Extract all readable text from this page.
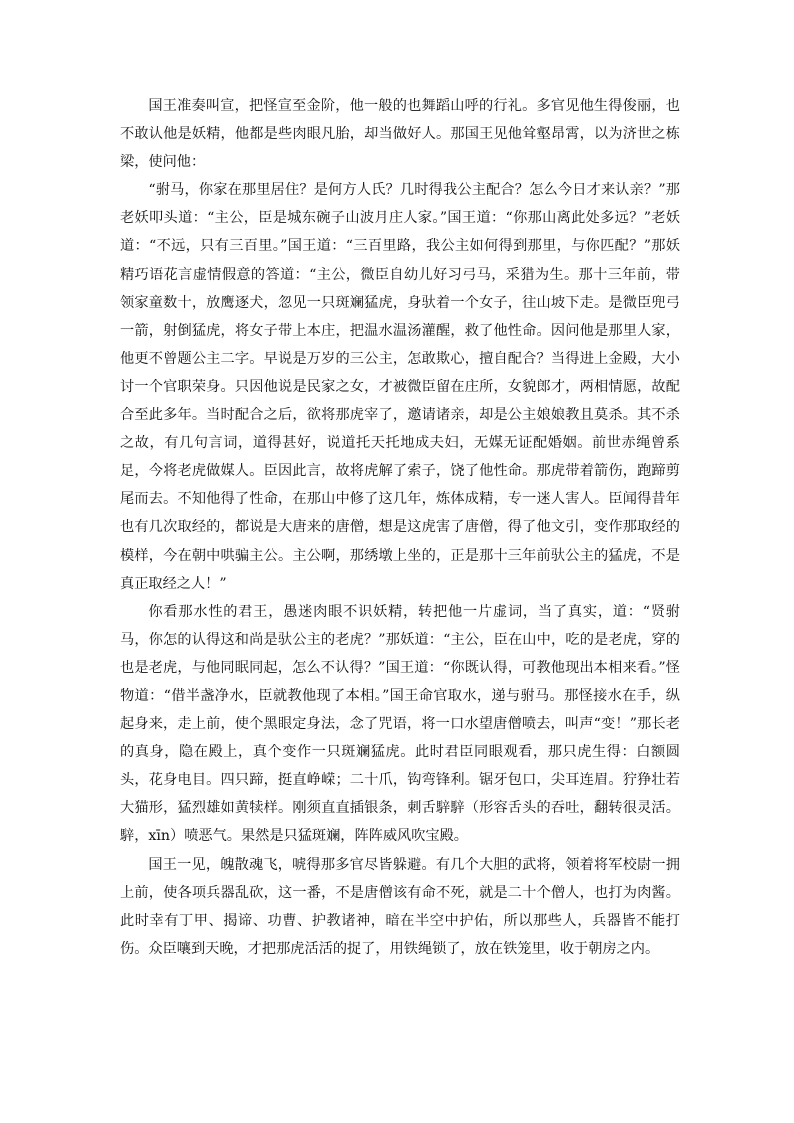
国王准奏叫宣，把怪宣至金阶，他一般的也舞蹈山呼的行礼。多官见他生得俊丽，也不敢认他是妖精，他都是些肉眼凡胎，却当做好人。那国王见他耸壑昂霄，以为济世之栋梁，使问他：

“驸马，你家在那里居住？是何方人氏？几时得我公主配合？怎么今日才来认亲？”那老妖叩头道：“主公，臣是城东碗子山波月庄人家。”国王道：“你那山离此处多远？”老妖道：“不远，只有三百里。”国王道：“三百里路，我公主如何得到那里，与你匹配？”那妖精巧语花言虚情假意的答道：“主公，微臣自幼儿好习弓马，采猎为生。那十三年前，带领家童数十，放鹰逐犬，忽见一只斑斓猛虎，身驮着一个女子，往山坡下走。是微臣兜弓一箭，射倒猛虎，将女子带上本庄，把温水温汤灌醒，救了他性命。因问他是那里人家，他更不曾题公主二字。早说是万岁的三公主，怎敢欺心，擅自配合？当得进上金殿，大小讨一个官职荣身。只因他说是民家之女，才被微臣留在庄所，女貌郎才，两相情愿，故配合至此多年。当时配合之后，欲将那虎宰了，邀请诸亲，却是公主娘娘教且莫杀。其不杀之故，有几句言词，道得甚好，说道托天托地成夫妇，无媒无证配婚姻。前世赤绳曾系足，今将老虎做媒人。臣因此言，故将虎解了索子，饶了他性命。那虎带着箭伤，跑蹄剪尾而去。不知他得了性命，在那山中修了这几年，炼体成精，专一迷人害人。臣闻得昔年也有几次取经的，都说是大唐来的唐僧，想是这虎害了唐僧，得了他文引，变作那取经的模样，今在朝中哄骗主公。主公啊，那绣墩上坐的，正是那十三年前驮公主的猛虎，不是真正取经之人！”

你看那水性的君王，愚迷肉眼不识妖精，转把他一片虚词，当了真实，道：“贤驸马，你怎的认得这和尚是驮公主的老虎？”那妖道：“主公，臣在山中，吃的是老虎，穿的也是老虎，与他同眠同起，怎么不认得？”国王道：“你既认得，可教他现出本相来看。”怪物道：“借半盏净水，臣就教他现了本相。”国王命官取水，递与驸马。那怪接水在手，纵起身来，走上前，使个黑眼定身法，念了咒语，将一口水望唐僧喷去，叫声“变！”那长老的真身，隐在殿上，真个变作一只斑斓猛虎。此时君臣同眼观看，那只虎生得：白额圆头，花身电目。四只蹄，挺直峥嵘；二十爪，钩弯锋利。锯牙包口，尖耳连眉。狞狰壮若大猫形，猛烈雄如黄犊样。刚须直直插银条，刺舌騂騂（形容舌头的吞吐，翻转很灵活。騂，xīn）喷恶气。果然是只猛斑斓，阵阵威风吹宝殿。

国王一见，魄散魂飞，唬得那多官尽皆躲避。有几个大胆的武将，领着将军校尉一拥上前，使各项兵器乱砍，这一番，不是唐僧该有命不死，就是二十个僧人，也打为肉酱。此时幸有丁甲、揭谛、功曹、护教诸神，暗在半空中护佑，所以那些人，兵器皆不能打伤。众臣嚷到天晚，才把那虎活活的捉了，用铁绳锁了，放在铁笼里，收于朝房之内。
